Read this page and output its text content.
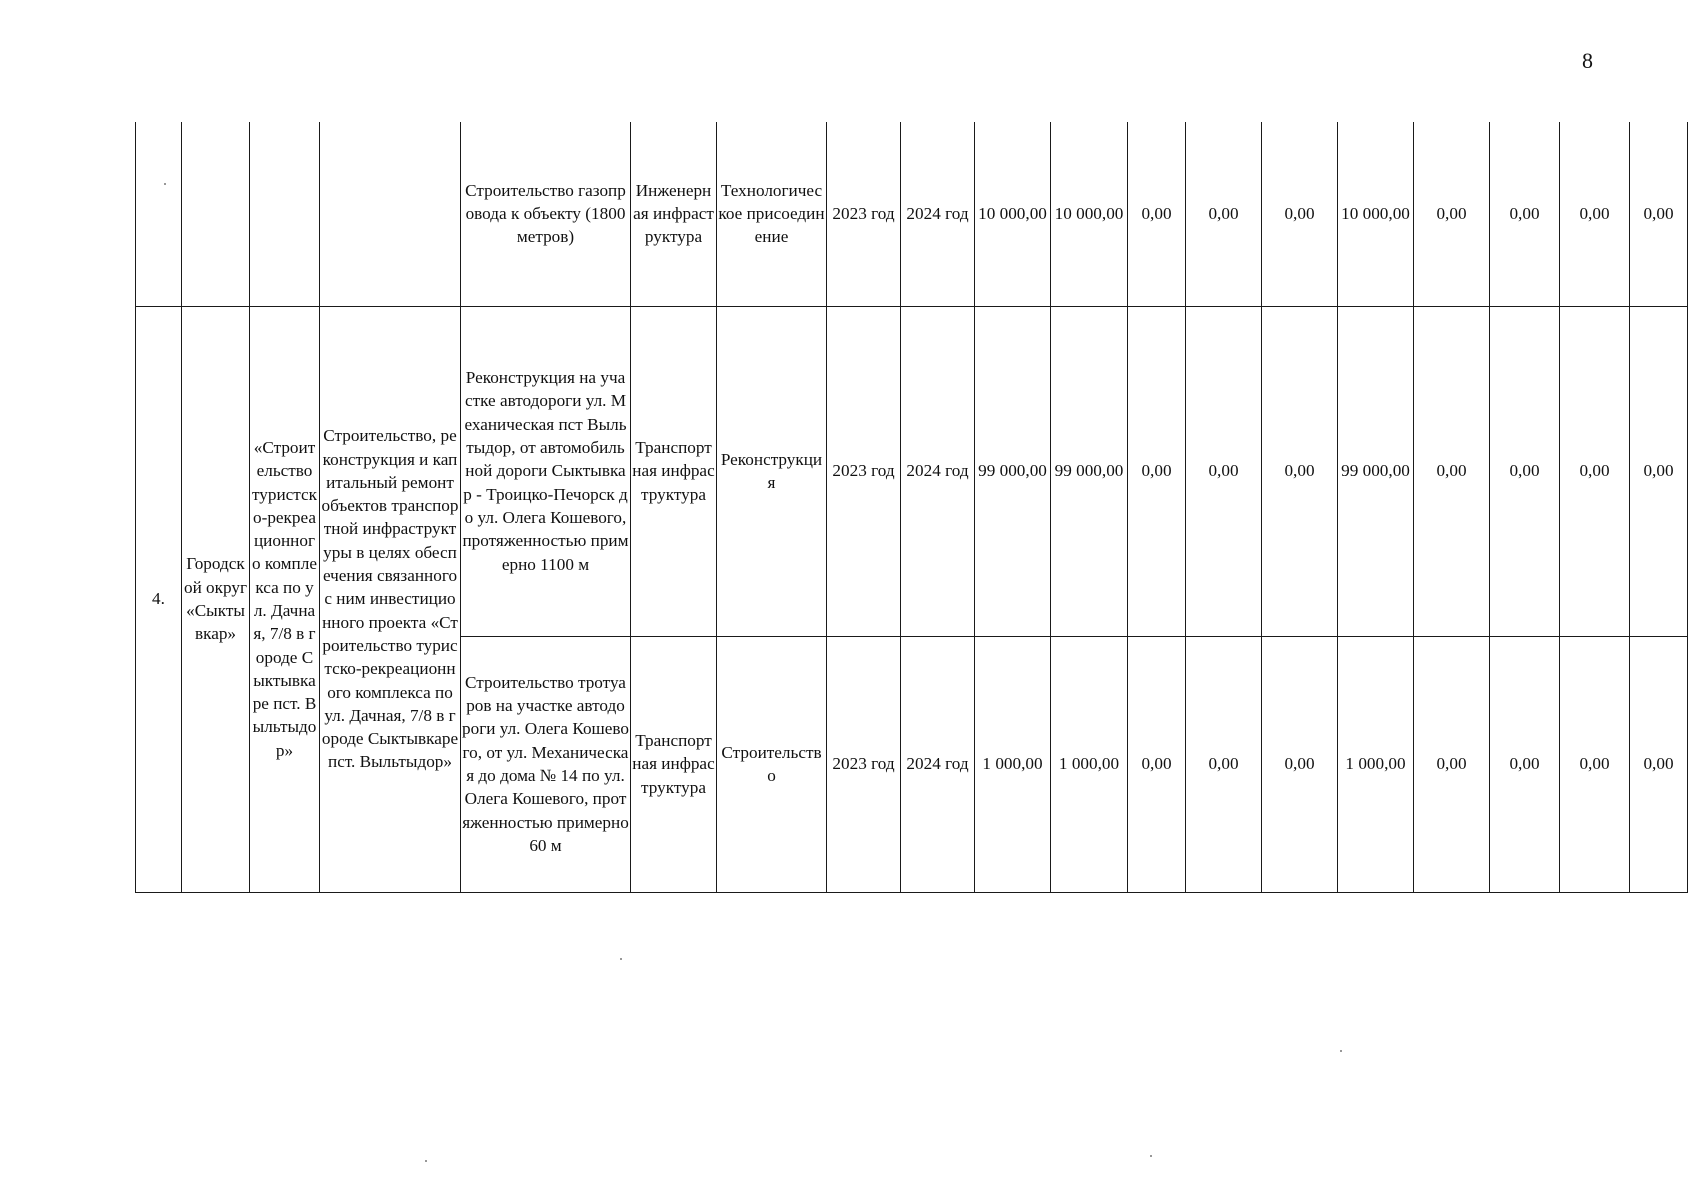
8
				Строительство газопровода к объекту (1800 метров)	Инженерная инфраструктура	Технологическое присоединение	2023 год	2024 год	10 000,00	10 000,00	0,00	0,00	0,00	10 000,00	0,00	0,00	0,00	0,00
4.	Городской округ «Сыктывкар»	«Строительство туристско-рекреационного комплекса по ул. Дачная, 7/8 в городе Сыктывкаре пст. Выльтыдор»	Строительство, реконструкция и капитальный ремонт объектов транспортной инфраструктуры в целях обеспечения связанного с ним инвестиционного проекта «Строительство туристско-рекреационного комплекса по ул. Дачная, 7/8 в городе Сыктывкаре пст. Выльтыдор»	Реконструкция на участке автодороги ул. Механическая пст Выльтыдор, от автомобильной дороги Сыктывкар - Троицко-Печорск до ул. Олега Кошевого, протяженностью примерно 1100 м	Транспортная инфраструктура	Реконструкция	2023 год	2024 год	99 000,00	99 000,00	0,00	0,00	0,00	99 000,00	0,00	0,00	0,00	0,00
				Строительство тротуаров на участке автодороги ул. Олега Кошевого, от ул. Механическая до дома № 14 по ул. Олега Кошевого, протяженностью примерно 60 м	Транспортная инфраструктура	Строительство	2023 год	2024 год	1 000,00	1 000,00	0,00	0,00	0,00	1 000,00	0,00	0,00	0,00	0,00
